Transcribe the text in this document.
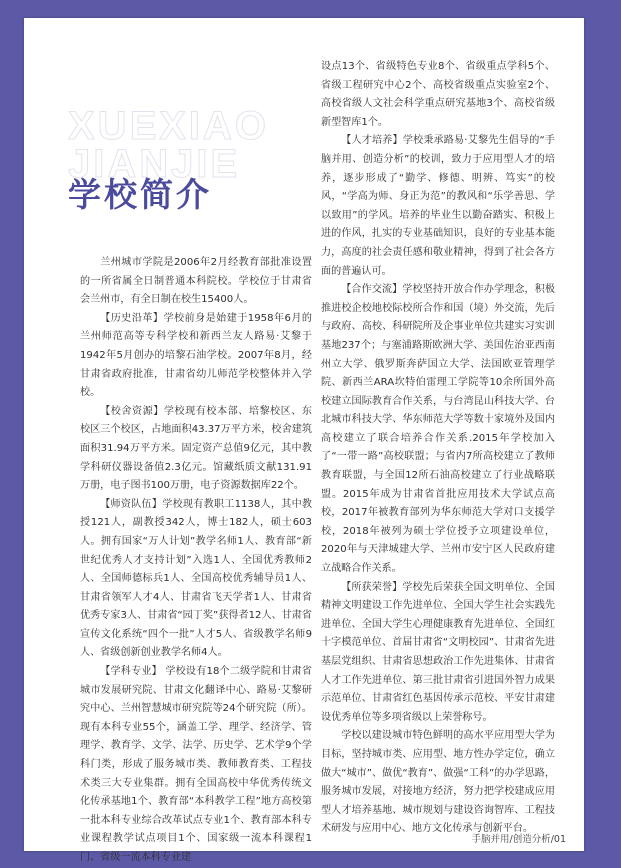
XUEXIAO
JIANJIE
学校简介

兰州城市学院是2006年2月经教育部批准设置的一所省属全日制普通本科院校。学校位于甘肃省会兰州市，有全日制在校生15400人。

【历史沿革】学校前身是始建于1958年6月的兰州师范高等专科学校和新西兰友人路易·艾黎于1942年5月创办的培黎石油学校。2007年8月，经甘肃省政府批准，甘肃省幼儿师范学校整体并入学校。

【校舍资源】学校现有校本部、培黎校区、东校区三个校区，占地面积43.37万平方米，校舍建筑面积31.94万平方米。固定资产总值9亿元，其中教学科研仪器设备值2.3亿元。馆藏纸质文献131.91万册，电子图书100万册，电子资源数据库22个。

【师资队伍】学校现有教职工1138人，其中教授121人，副教授342人，博士182人，硕士603人。拥有国家“万人计划”教学名师1人、教育部“新世纪优秀人才支持计划”入选1人、全国优秀教师2人、全国师德标兵1人、全国高校优秀辅导员1人、甘肃省领军人才4人、甘肃省飞天学者1人、甘肃省优秀专家3人、甘肃省“园丁奖”获得者12人、甘肃省宣传文化系统“四个一批”人才5人、省级教学名师9人、省级创新创业教学名师4人。

【学科专业】 学校设有18个二级学院和甘肃省城市发展研究院、甘肃文化翻译中心、路易·艾黎研究中心、兰州智慧城市研究院等24个研究院（所）。现有本科专业55个，涵盖工学、理学、经济学、管理学、教育学、文学、法学、历史学、艺术学9个学科门类，形成了服务城市类、教师教育类、工程技术类三大专业集群。拥有全国高校中华优秀传统文化传承基地1个、教育部“本科教学工程”地方高校第一批本科专业综合改革试点专业1个、教育部本科专业课程教学试点项目1个、国家级一流本科课程1门、省级一流本科专业建

设点13个、省级特色专业8个、省级重点学科5个、省级工程研究中心2个、高校省级重点实验室2个、高校省级人文社会科学重点研究基地3个、高校省级新型智库1个。

【人才培养】学校秉承路易·艾黎先生倡导的“手脑并用、创造分析”的校训，致力于应用型人才的培养，逐步形成了“勤学、修德、明辨、笃实”的校风，“学高为师、身正为范”的教风和“乐学善思、学以致用”的学风。培养的毕业生以勤奋踏实、积极上进的作风，扎实的专业基础知识，良好的专业基本能力，高度的社会责任感和敬业精神，得到了社会各方面的普遍认可。

【合作交流】学校坚持开放合作办学理念，积极推进校企校地校际校所合作和国（境）外交流，先后与政府、高校、科研院所及企事业单位共建实习实训基地237个；与塞浦路斯欧洲大学、美国佐治亚西南州立大学、俄罗斯奔萨国立大学、法国欧亚管理学院、新西兰ARA坎特伯雷理工学院等10余所国外高校建立国际教育合作关系，与台湾昆山科技大学、台北城市科技大学、华东师范大学等数十家境外及国内高校建立了联合培养合作关系.2015年学校加入了“一带一路”高校联盟；与省内7所高校建立了教师教育联盟，与全国12所石油高校建立了行业战略联盟。2015年成为甘肃省首批应用技术大学试点高校，2017年被教育部列为华东师范大学对口支援学校，2018年被列为硕士学位授予立项建设单位，2020年与天津城建大学、兰州市安宁区人民政府建立战略合作关系。

【所获荣誉】学校先后荣获全国文明单位、全国精神文明建设工作先进单位、全国大学生社会实践先进单位、全国大学生心理健康教育先进单位、全国红十字模范单位、首届甘肃省“文明校园”、甘肃省先进基层党组织、甘肃省思想政治工作先进集体、甘肃省人才工作先进单位、第三批甘肃省引进国外智力成果示范单位、甘肃省红色基因传承示范校、平安甘肃建设优秀单位等多项省级以上荣誉称号。

学校以建设城市特色鲜明的高水平应用型大学为目标，坚持城市类、应用型、地方性办学定位，确立做大“城市”、做优“教育”、做强“工科”的办学思路，服务城市发展，对接地方经济，努力把学校建成应用型人才培养基地、城市规划与建设咨询智库、工程技术研发与应用中心、地方文化传承与创新平台。

手脑并用/创造分析/01
